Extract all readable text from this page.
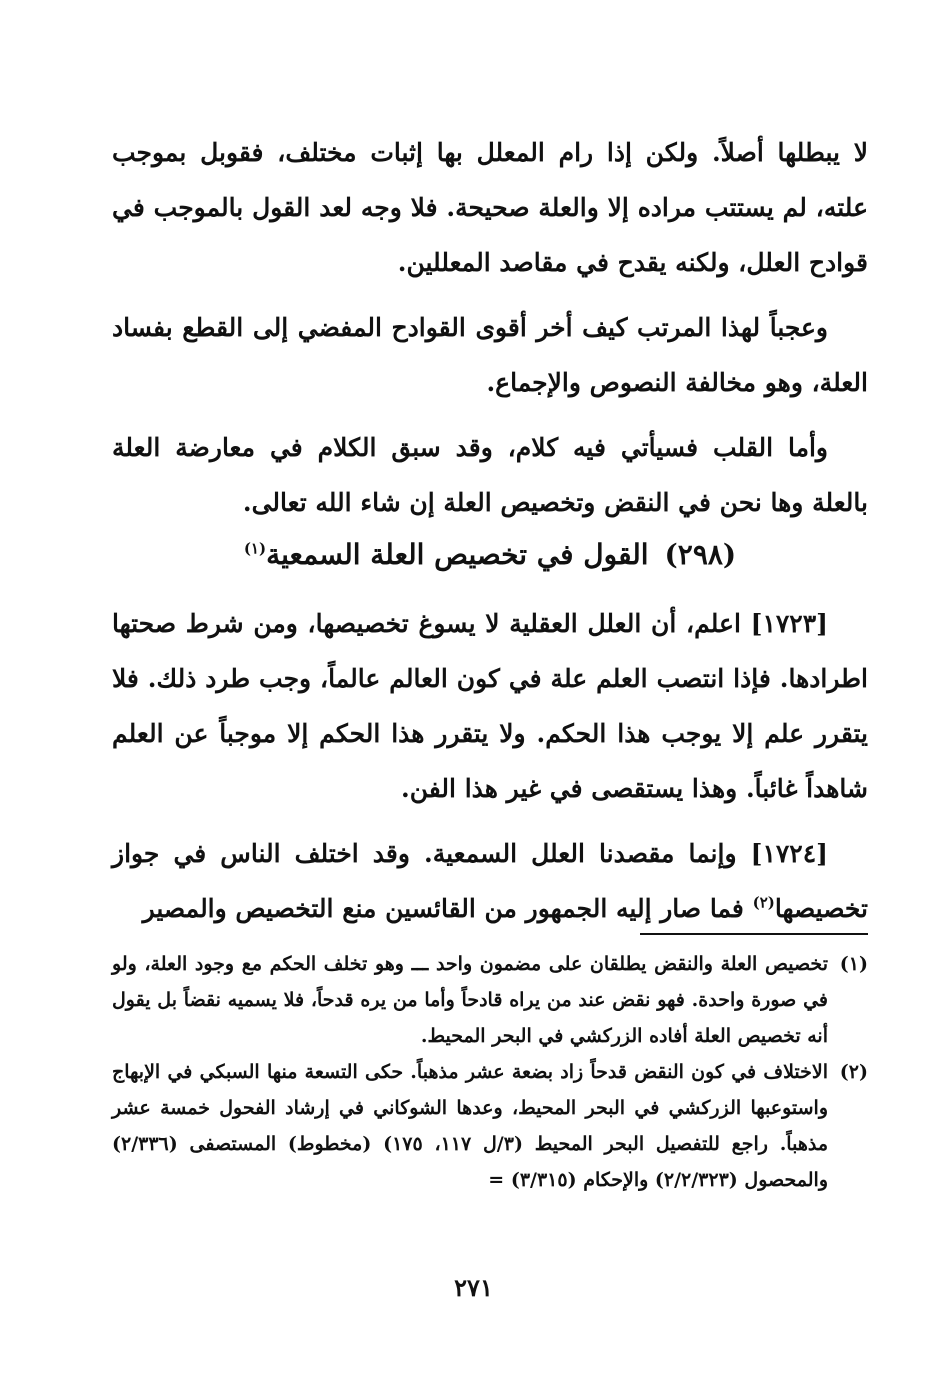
لا يبطلها أصلاً. ولكن إذا رام المعلل بها إثبات مختلف، فقوبل بموجب علته، لم يستتب مراده إلا والعلة صحيحة. فلا وجه لعد القول بالموجب في قوادح العلل، ولكنه يقدح في مقاصد المعللين.

وعجباً لهذا المرتب كيف أخر أقوى القوادح المفضي إلى القطع بفساد العلة، وهو مخالفة النصوص والإجماع.

وأما القلب فسيأتي فيه كلام، وقد سبق الكلام في معارضة العلة بالعلة وها نحن في النقض وتخصيص العلة إن شاء الله تعالى.

(٢٩٨)القول في تخصيص العلة السمعية$^{(١)}$

[١٧٢٣] اعلم، أن العلل العقلية لا يسوغ تخصيصها، ومن شرط صحتها اطرادها. فإذا انتصب العلم علة في كون العالم عالماً، وجب طرد ذلك. فلا يتقرر علم إلا يوجب هذا الحكم. ولا يتقرر هذا الحكم إلا موجباً عن العلم شاهداً غائباً. وهذا يستقصى في غير هذا الفن.

[١٧٢٤] وإنما مقصدنا العلل السمعية. وقد اختلف الناس في جواز تخصيصها$^{(٢)}$ فما صار إليه الجمهور من القائسين منع التخصيص والمصير

(١)
تخصيص العلة والنقض يطلقان على مضمون واحد ـــ وهو تخلف الحكم مع وجود العلة، ولو في صورة واحدة. فهو نقض عند من يراه قادحاً وأما من يره قدحاً، فلا يسميه نقضاً بل يقول أنه تخصيص العلة أفاده الزركشي في البحر المحيط.
(٢)
الاختلاف في كون النقض قدحاً زاد بضعة عشر مذهباً. حكى التسعة منها السبكي في الإبهاج واستوعبها الزركشي في البحر المحيط، وعدها الشوكاني في إرشاد الفحول خمسة عشر مذهباً. راجع للتفصيل البحر المحيط (٣/ل ١١٧، ١٧٥) (مخطوط) المستصفى (٢/٣٣٦) والمحصول (٢/٢/٣٢٣) والإحكام (٣/٣١٥) =
٢٧١
